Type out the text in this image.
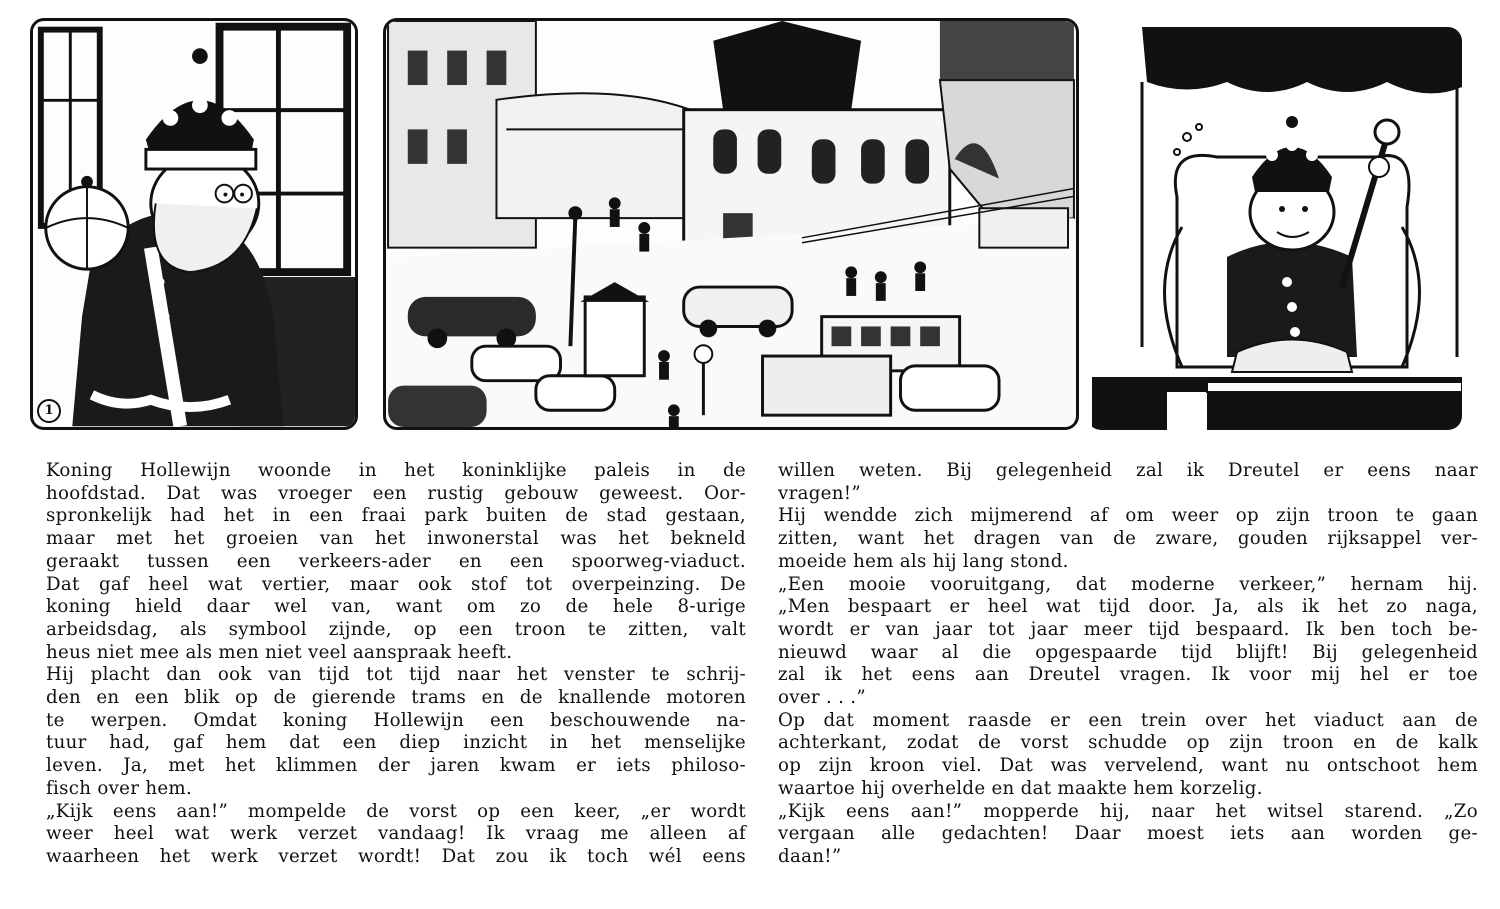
1

Koning Hollewijn woonde in het koninklijke paleis in de

hoofdstad. Dat was vroeger een rustig gebouw geweest. Oor-

spronkelijk had het in een fraai park buiten de stad gestaan,

maar met het groeien van het inwonerstal was het bekneld

geraakt tussen een verkeers-ader en een spoorweg-viaduct.

Dat gaf heel wat vertier, maar ook stof tot overpeinzing. De

koning hield daar wel van, want om zo de hele 8-urige

arbeidsdag, als symbool zijnde, op een troon te zitten, valt

heus niet mee als men niet veel aanspraak heeft.

Hij placht dan ook van tijd tot tijd naar het venster te schrij-

den en een blik op de gierende trams en de knallende motoren

te werpen. Omdat koning Hollewijn een beschouwende na-

tuur had, gaf hem dat een diep inzicht in het menselijke

leven. Ja, met het klimmen der jaren kwam er iets philoso-

fisch over hem.

„Kijk eens aan!” mompelde de vorst op een keer, „er wordt

weer heel wat werk verzet vandaag! Ik vraag me alleen af

waarheen het werk verzet wordt! Dat zou ik toch wél eens

willen weten. Bij gelegenheid zal ik Dreutel er eens naar

vragen!”

Hij wendde zich mijmerend af om weer op zijn troon te gaan

zitten, want het dragen van de zware, gouden rijksappel ver-

moeide hem als hij lang stond.

„Een mooie vooruitgang, dat moderne verkeer,” hernam hij.

„Men bespaart er heel wat tijd door. Ja, als ik het zo naga,

wordt er van jaar tot jaar meer tijd bespaard. Ik ben toch be-

nieuwd waar al die opgespaarde tijd blijft! Bij gelegenheid

zal ik het eens aan Dreutel vragen. Ik voor mij hel er toe

over . . .”

Op dat moment raasde er een trein over het viaduct aan de

achterkant, zodat de vorst schudde op zijn troon en de kalk

op zijn kroon viel. Dat was vervelend, want nu ontschoot hem

waartoe hij overhelde en dat maakte hem korzelig.

„Kijk eens aan!” mopperde hij, naar het witsel starend. „Zo

vergaan alle gedachten! Daar moest iets aan worden ge-

daan!”
